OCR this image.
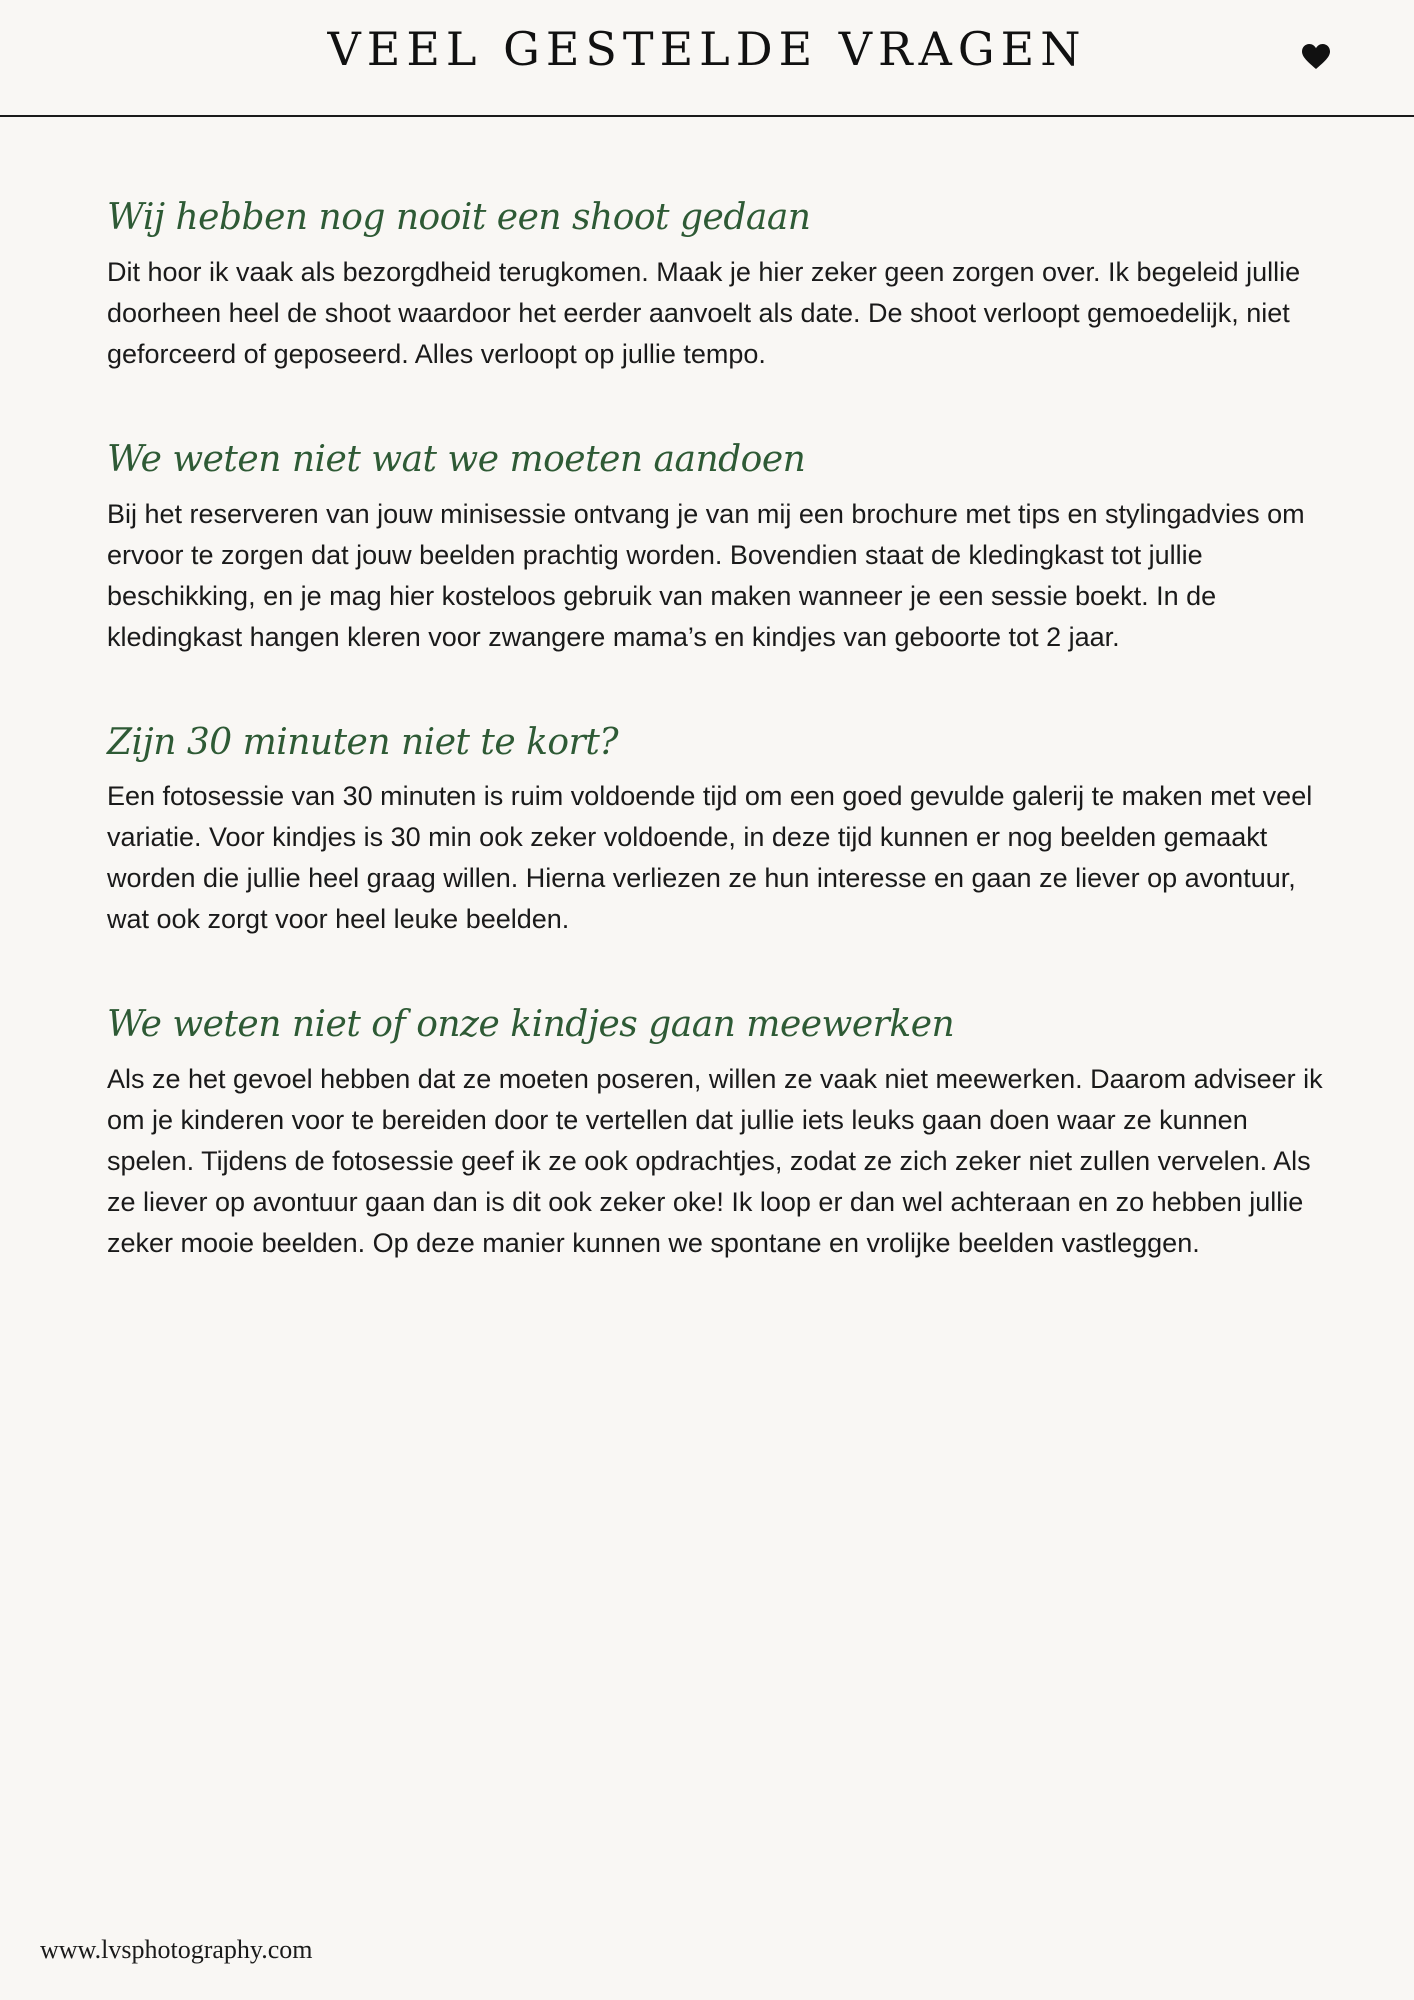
VEEL GESTELDE VRAGEN
Wij hebben nog nooit een shoot gedaan

Dit hoor ik vaak als bezorgdheid terugkomen. Maak je hier zeker geen zorgen over. Ik begeleid jullie doorheen heel de shoot waardoor het eerder aanvoelt als date. De shoot verloopt gemoedelijk, niet geforceerd of geposeerd. Alles verloopt op jullie tempo.

We weten niet wat we moeten aandoen

Bij het reserveren van jouw minisessie ontvang je van mij een brochure met tips en stylingadvies om ervoor te zorgen dat jouw beelden prachtig worden. Bovendien staat de kledingkast tot jullie beschikking, en je mag hier kosteloos gebruik van maken wanneer je een sessie boekt. In de kledingkast hangen kleren voor zwangere mama’s en kindjes van geboorte tot 2 jaar.

Zijn 30 minuten niet te kort?

Een fotosessie van 30 minuten is ruim voldoende tijd om een goed gevulde galerij te maken met veel variatie. Voor kindjes is 30 min ook zeker voldoende, in deze tijd kunnen er nog beelden gemaakt worden die jullie heel graag willen. Hierna verliezen ze hun interesse en gaan ze liever op avontuur, wat ook zorgt voor heel leuke beelden.

We weten niet of onze kindjes gaan meewerken

Als ze het gevoel hebben dat ze moeten poseren, willen ze vaak niet meewerken. Daarom adviseer ik om je kinderen voor te bereiden door te vertellen dat jullie iets leuks gaan doen waar ze kunnen spelen. Tijdens de fotosessie geef ik ze ook opdrachtjes, zodat ze zich zeker niet zullen vervelen. Als ze liever op avontuur gaan dan is dit ook zeker oke! Ik loop er dan wel achteraan en zo hebben jullie zeker mooie beelden. Op deze manier kunnen we spontane en vrolijke beelden vastleggen.

www.lvsphotography.com
